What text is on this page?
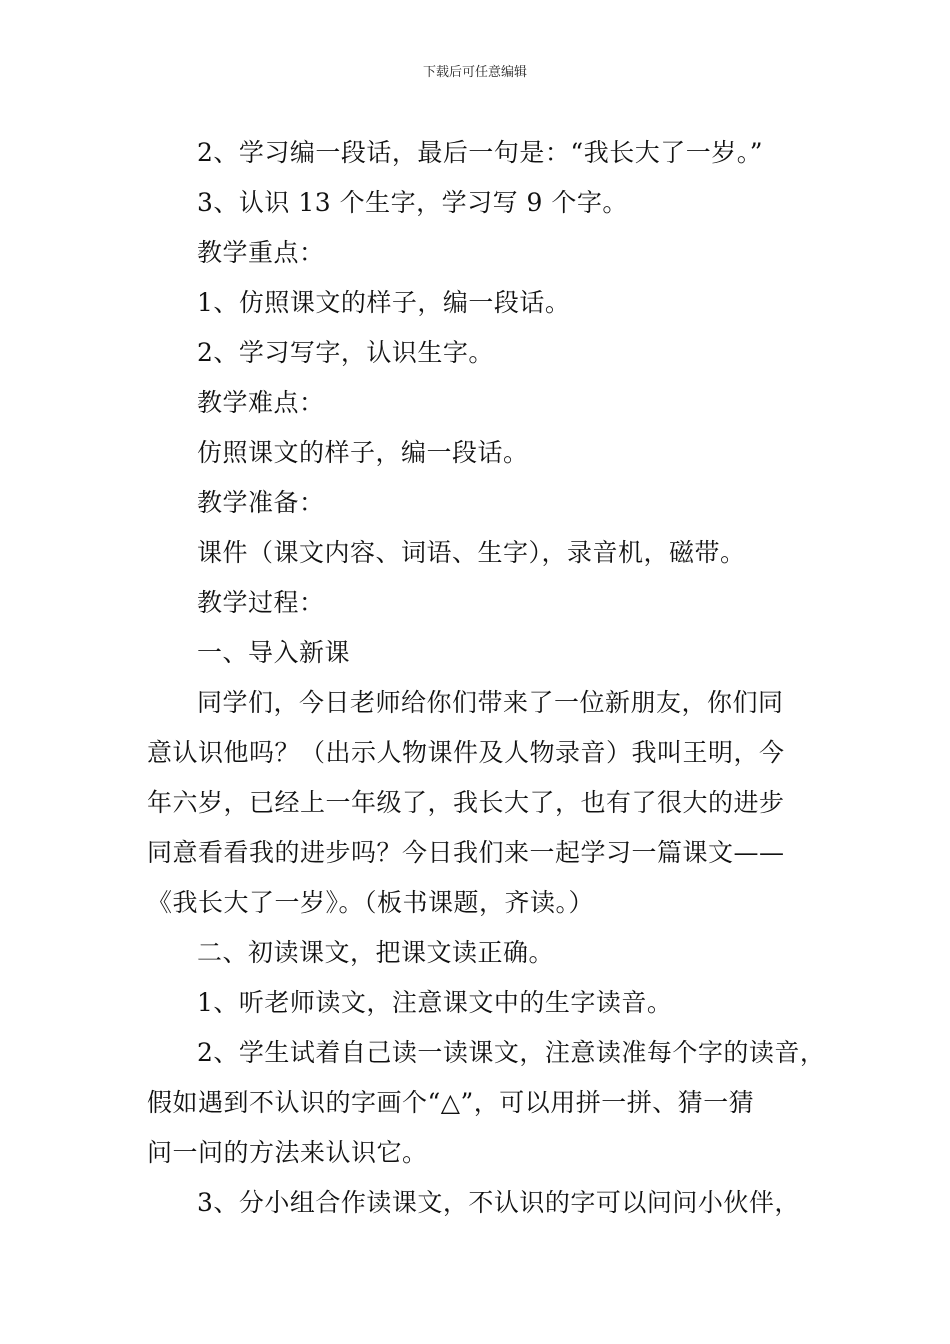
下载后可任意编辑
2、学习编一段话，最后一句是：“我长大了一岁。”
3、认识 13 个生字，学习写 9 个字。
教学重点：
1、仿照课文的样子，编一段话。
2、学习写字，认识生字。
教学难点：
仿照课文的样子，编一段话。
教学准备：
课件（课文内容、词语、生字），录音机，磁带。
教学过程：
一、导入新课
同学们，今日老师给你们带来了一位新朋友，你们同
意认识他吗？（出示人物课件及人物录音）我叫王明，今
年六岁，已经上一年级了，我长大了，也有了很大的进步
同意看看我的进步吗？今日我们来一起学习一篇课文——
《我长大了一岁》。（板书课题，齐读。）
二、初读课文，把课文读正确。
1、听老师读文，注意课文中的生字读音。
2、学生试着自己读一读课文，注意读准每个字的读音，
假如遇到不认识的字画个“△”，可以用拼一拼、猜一猜
问一问的方法来认识它。
3、分小组合作读课文，不认识的字可以问问小伙伴，
